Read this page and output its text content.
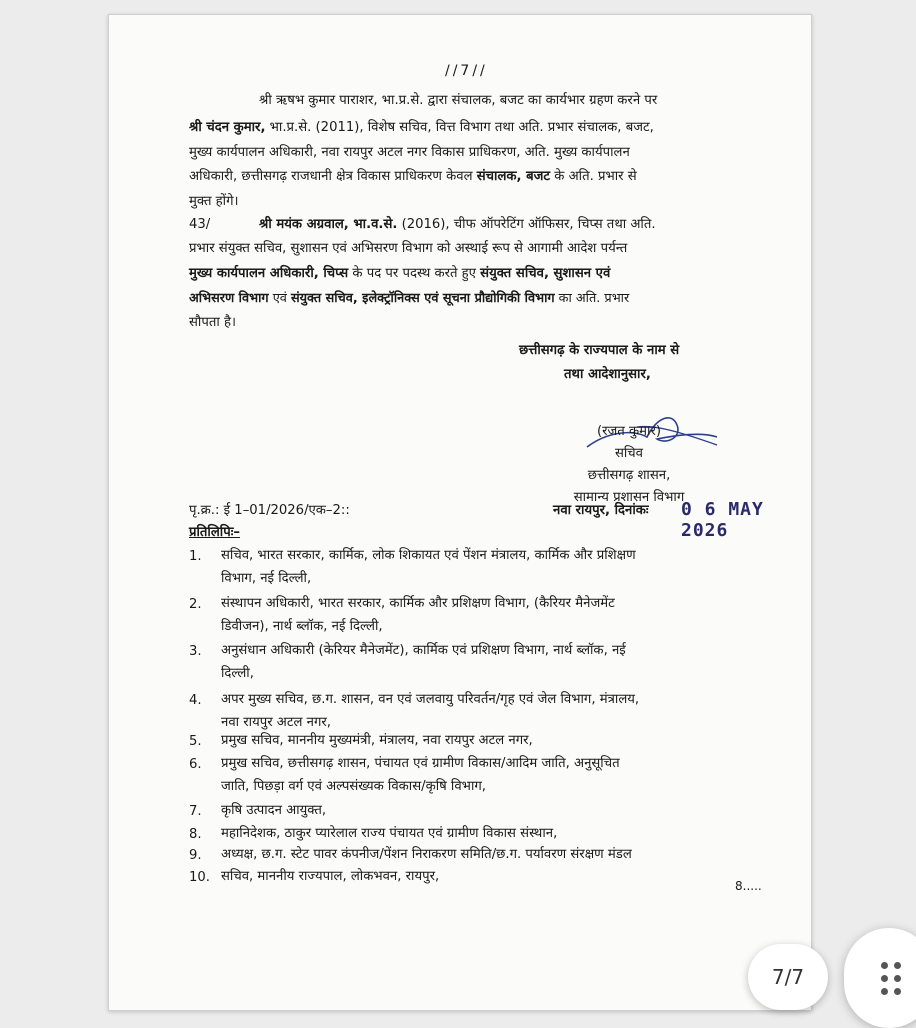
//7//
श्री ऋषभ कुमार पाराशर, भा.प्र.से. द्वारा संचालक, बजट का कार्यभार ग्रहण करने पर
श्री चंदन कुमार, भा.प्र.से. (2011), विशेष सचिव, वित्त विभाग तथा अति. प्रभार संचालक, बजट,
मुख्य कार्यपालन अधिकारी, नवा रायपुर अटल नगर विकास प्राधिकरण, अति. मुख्य कार्यपालन
अधिकारी, छत्तीसगढ़ राजधानी क्षेत्र विकास प्राधिकरण केवल संचालक, बजट के अति. प्रभार से
मुक्त होंगे।
43/	श्री मयंक अग्रवाल, भा.व.से. (2016), चीफ ऑपरेटिंग ऑफिसर, चिप्स तथा अति.
प्रभार संयुक्त सचिव, सुशासन एवं अभिसरण विभाग को अस्थाई रूप से आगामी आदेश पर्यन्त
मुख्य कार्यपालन अधिकारी, चिप्स के पद पर पदस्थ करते हुए संयुक्त सचिव, सुशासन एवं
अभिसरण विभाग एवं संयुक्त सचिव, इलेक्ट्रॉनिक्स एवं सूचना प्रौद्योगिकी विभाग का अति. प्रभार
सौपता है।
छत्तीसगढ़ के राज्यपाल के नाम से
तथा आदेशानुसार,
(रजत कुमार)
सचिव
छत्तीसगढ़ शासन,
सामान्य प्रशासन विभाग
पृ.क्र.: ई 1–01/2026/एक–2::	नवा रायपुर, दिनांकः 0 6 MAY 2026
प्रतिलिपिः–
1.	सचिव, भारत सरकार, कार्मिक, लोक शिकायत एवं पेंशन मंत्रालय, कार्मिक और प्रशिक्षण
विभाग, नई दिल्ली,
2.	संस्थापन अधिकारी, भारत सरकार, कार्मिक और प्रशिक्षण विभाग, (कैरियर मैनेजमेंट
डिवीजन), नार्थ ब्लॉक, नई दिल्ली,
3.	अनुसंधान अधिकारी (केरियर मैनेजमेंट), कार्मिक एवं प्रशिक्षण विभाग, नार्थ ब्लॉक, नई
दिल्ली,
4.	अपर मुख्य सचिव, छ.ग. शासन, वन एवं जलवायु परिवर्तन/गृह एवं जेल विभाग, मंत्रालय,
नवा रायपुर अटल नगर,
5.	प्रमुख सचिव, माननीय मुख्यमंत्री, मंत्रालय, नवा रायपुर अटल नगर,
6.	प्रमुख सचिव, छत्तीसगढ़ शासन, पंचायत एवं ग्रामीण विकास/आदिम जाति, अनुसूचित
जाति, पिछड़ा वर्ग एवं अल्पसंख्यक विकास/कृषि विभाग,
7.	कृषि उत्पादन आयुक्त,
8.	महानिदेशक, ठाकुर प्यारेलाल राज्य पंचायत एवं ग्रामीण विकास संस्थान,
9.	अध्यक्ष, छ.ग. स्टेट पावर कंपनीज/पेंशन निराकरण समिति/छ.ग. पर्यावरण संरक्षण मंडल
10. सचिव, माननीय राज्यपाल, लोकभवन, रायपुर,
8.....
7/7
